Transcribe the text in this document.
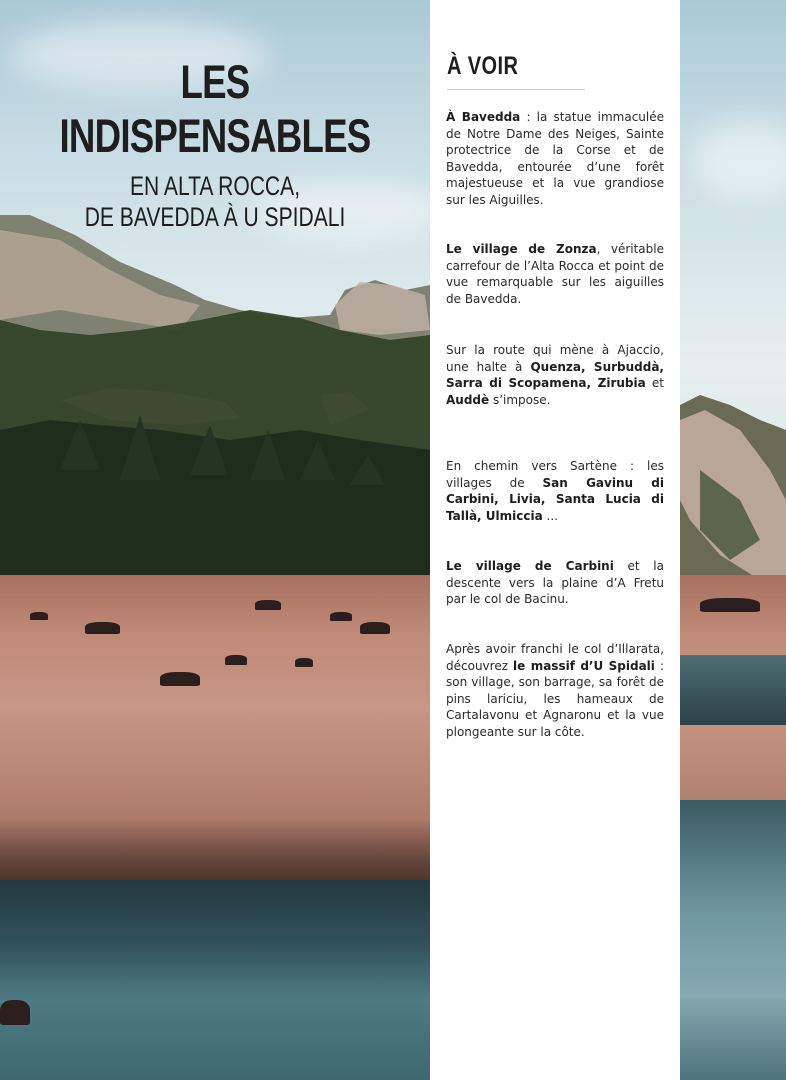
LES
INDISPENSABLES
EN ALTA ROCCA,
DE BAVEDDA À U SPIDALI
À VOIR

À Bavedda : la statue immaculée de Notre Dame des Neiges, Sainte protectrice de la Corse et de Bavedda, entourée d’une forêt majestueuse et la vue grandiose sur les Aiguilles.

Le village de Zonza, véritable carrefour de l’Alta Rocca et point de vue remarquable sur les aiguilles de Bavedda.

Sur la route qui mène à Ajaccio, une halte à Quenza, Surbuddà, Sarra di Scopamena, Zirubia et Auddè s’impose.

En chemin vers Sartène : les villages de San Gavinu di Carbini, Livia, Santa Lucia di Tallà, Ulmiccia ...

Le village de Carbini et la descente vers la plaine d’A Fretu par le col de Bacinu.

Après avoir franchi le col d’Illarata, découvrez le massif d’U Spidali : son village, son barrage, sa forêt de pins lariciu, les hameaux de Cartalavonu et Agnaronu et la vue plongeante sur la côte.
